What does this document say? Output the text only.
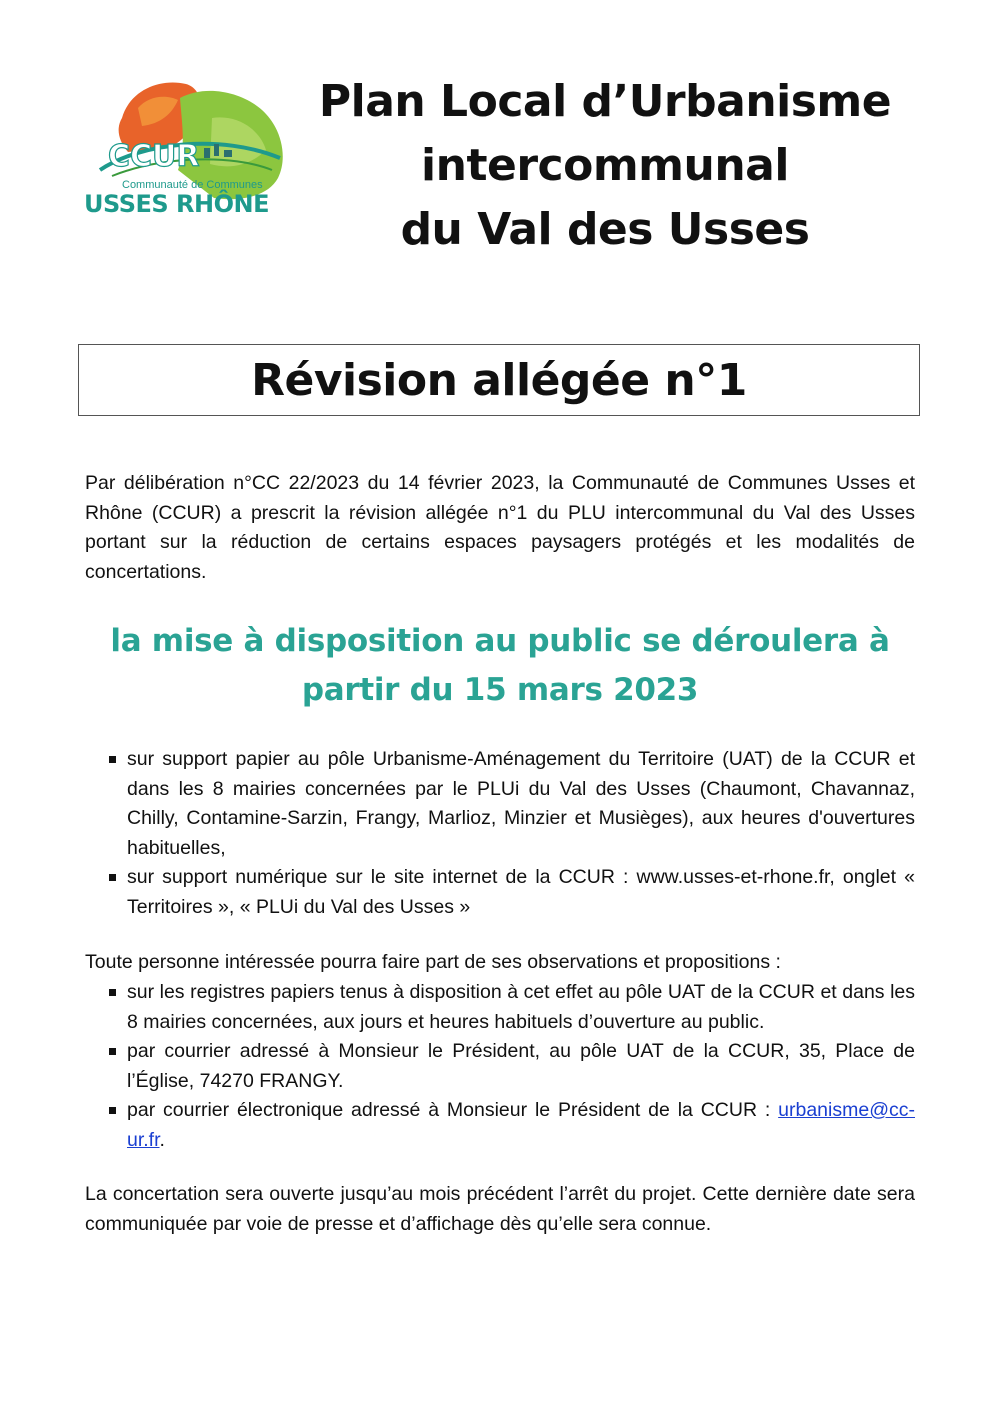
CCUR
Communauté de Communes
USSES RHÔNE
Plan Local d’Urbanisme
intercommunal
du Val des Usses
Révision allégée n°1
Par délibération n°CC 22/2023 du 14 février 2023, la Communauté de Communes Usses et Rhône (CCUR) a prescrit la révision allégée n°1 du PLU intercommunal du Val des Usses portant sur la réduction de certains espaces paysagers protégés et les modalités de concertations.
la mise à disposition au public se déroulera à
partir du 15 mars 2023
sur support papier au pôle Urbanisme-Aménagement du Territoire (UAT) de la CCUR et dans les 8 mairies concernées par le PLUi du Val des Usses (Chaumont, Chavannaz, Chilly, Contamine-Sarzin, Frangy, Marlioz, Minzier et Musièges), aux heures d'ouvertures habituelles,
sur support numérique sur le site internet de la CCUR : www.usses-et-rhone.fr, onglet « Territoires », « PLUi du Val des Usses »
Toute personne intéressée pourra faire part de ses observations et propositions :
sur les registres papiers tenus à disposition à cet effet au pôle UAT de la CCUR et dans les 8 mairies concernées, aux jours et heures habituels d’ouverture au public.
par courrier adressé à Monsieur le Président, au pôle UAT de la CCUR, 35, Place de l’Église, 74270 FRANGY.
par courrier électronique adressé à Monsieur le Président de la CCUR : urbanisme@cc-ur.fr.
La concertation sera ouverte jusqu’au mois précédent l’arrêt du projet. Cette dernière date sera communiquée par voie de presse et d’affichage dès qu’elle sera connue.
